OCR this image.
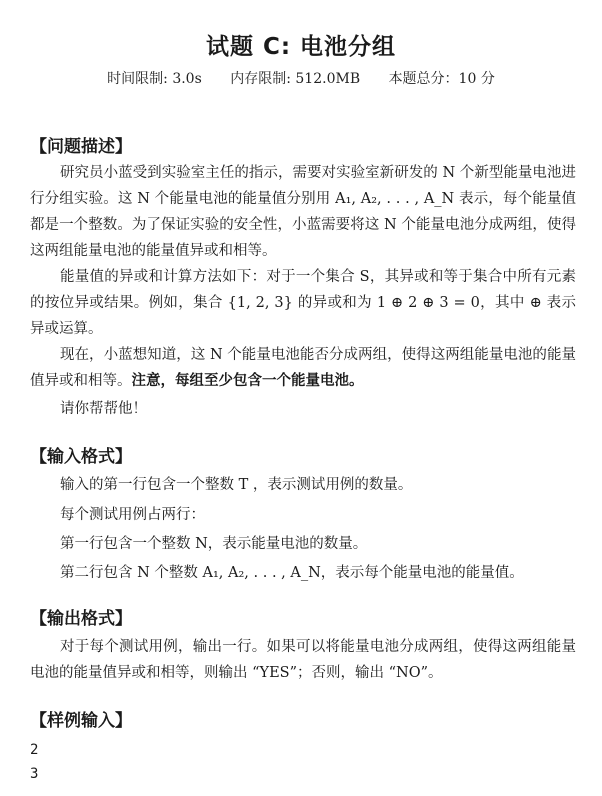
试题 C: 电池分组
时间限制: 3.0s 内存限制: 512.0MB 本题总分：10 分
【问题描述】
研究员小蓝受到实验室主任的指示，需要对实验室新研发的 N 个新型能量电池进行分组实验。这 N 个能量电池的能量值分别用 A₁, A₂, . . . , A_N 表示，每个能量值都是一个整数。为了保证实验的安全性，小蓝需要将这 N 个能量电池分成两组，使得这两组能量电池的能量值异或和相等。
能量值的异或和计算方法如下：对于一个集合 S，其异或和等于集合中所有元素的按位异或结果。例如，集合 {1, 2, 3} 的异或和为 1 ⊕ 2 ⊕ 3 = 0，其中 ⊕ 表示异或运算。
现在，小蓝想知道，这 N 个能量电池能否分成两组，使得这两组能量电池的能量值异或和相等。注意，每组至少包含一个能量电池。
请你帮帮他！
【输入格式】
输入的第一行包含一个整数 T ，表示测试用例的数量。
每个测试用例占两行：
第一行包含一个整数 N，表示能量电池的数量。
第二行包含 N 个整数 A₁, A₂, . . . , A_N，表示每个能量电池的能量值。
【输出格式】
对于每个测试用例，输出一行。如果可以将能量电池分成两组，使得这两组能量电池的能量值异或和相等，则输出 “YES”；否则，输出 “NO”。
【样例输入】
2
3
